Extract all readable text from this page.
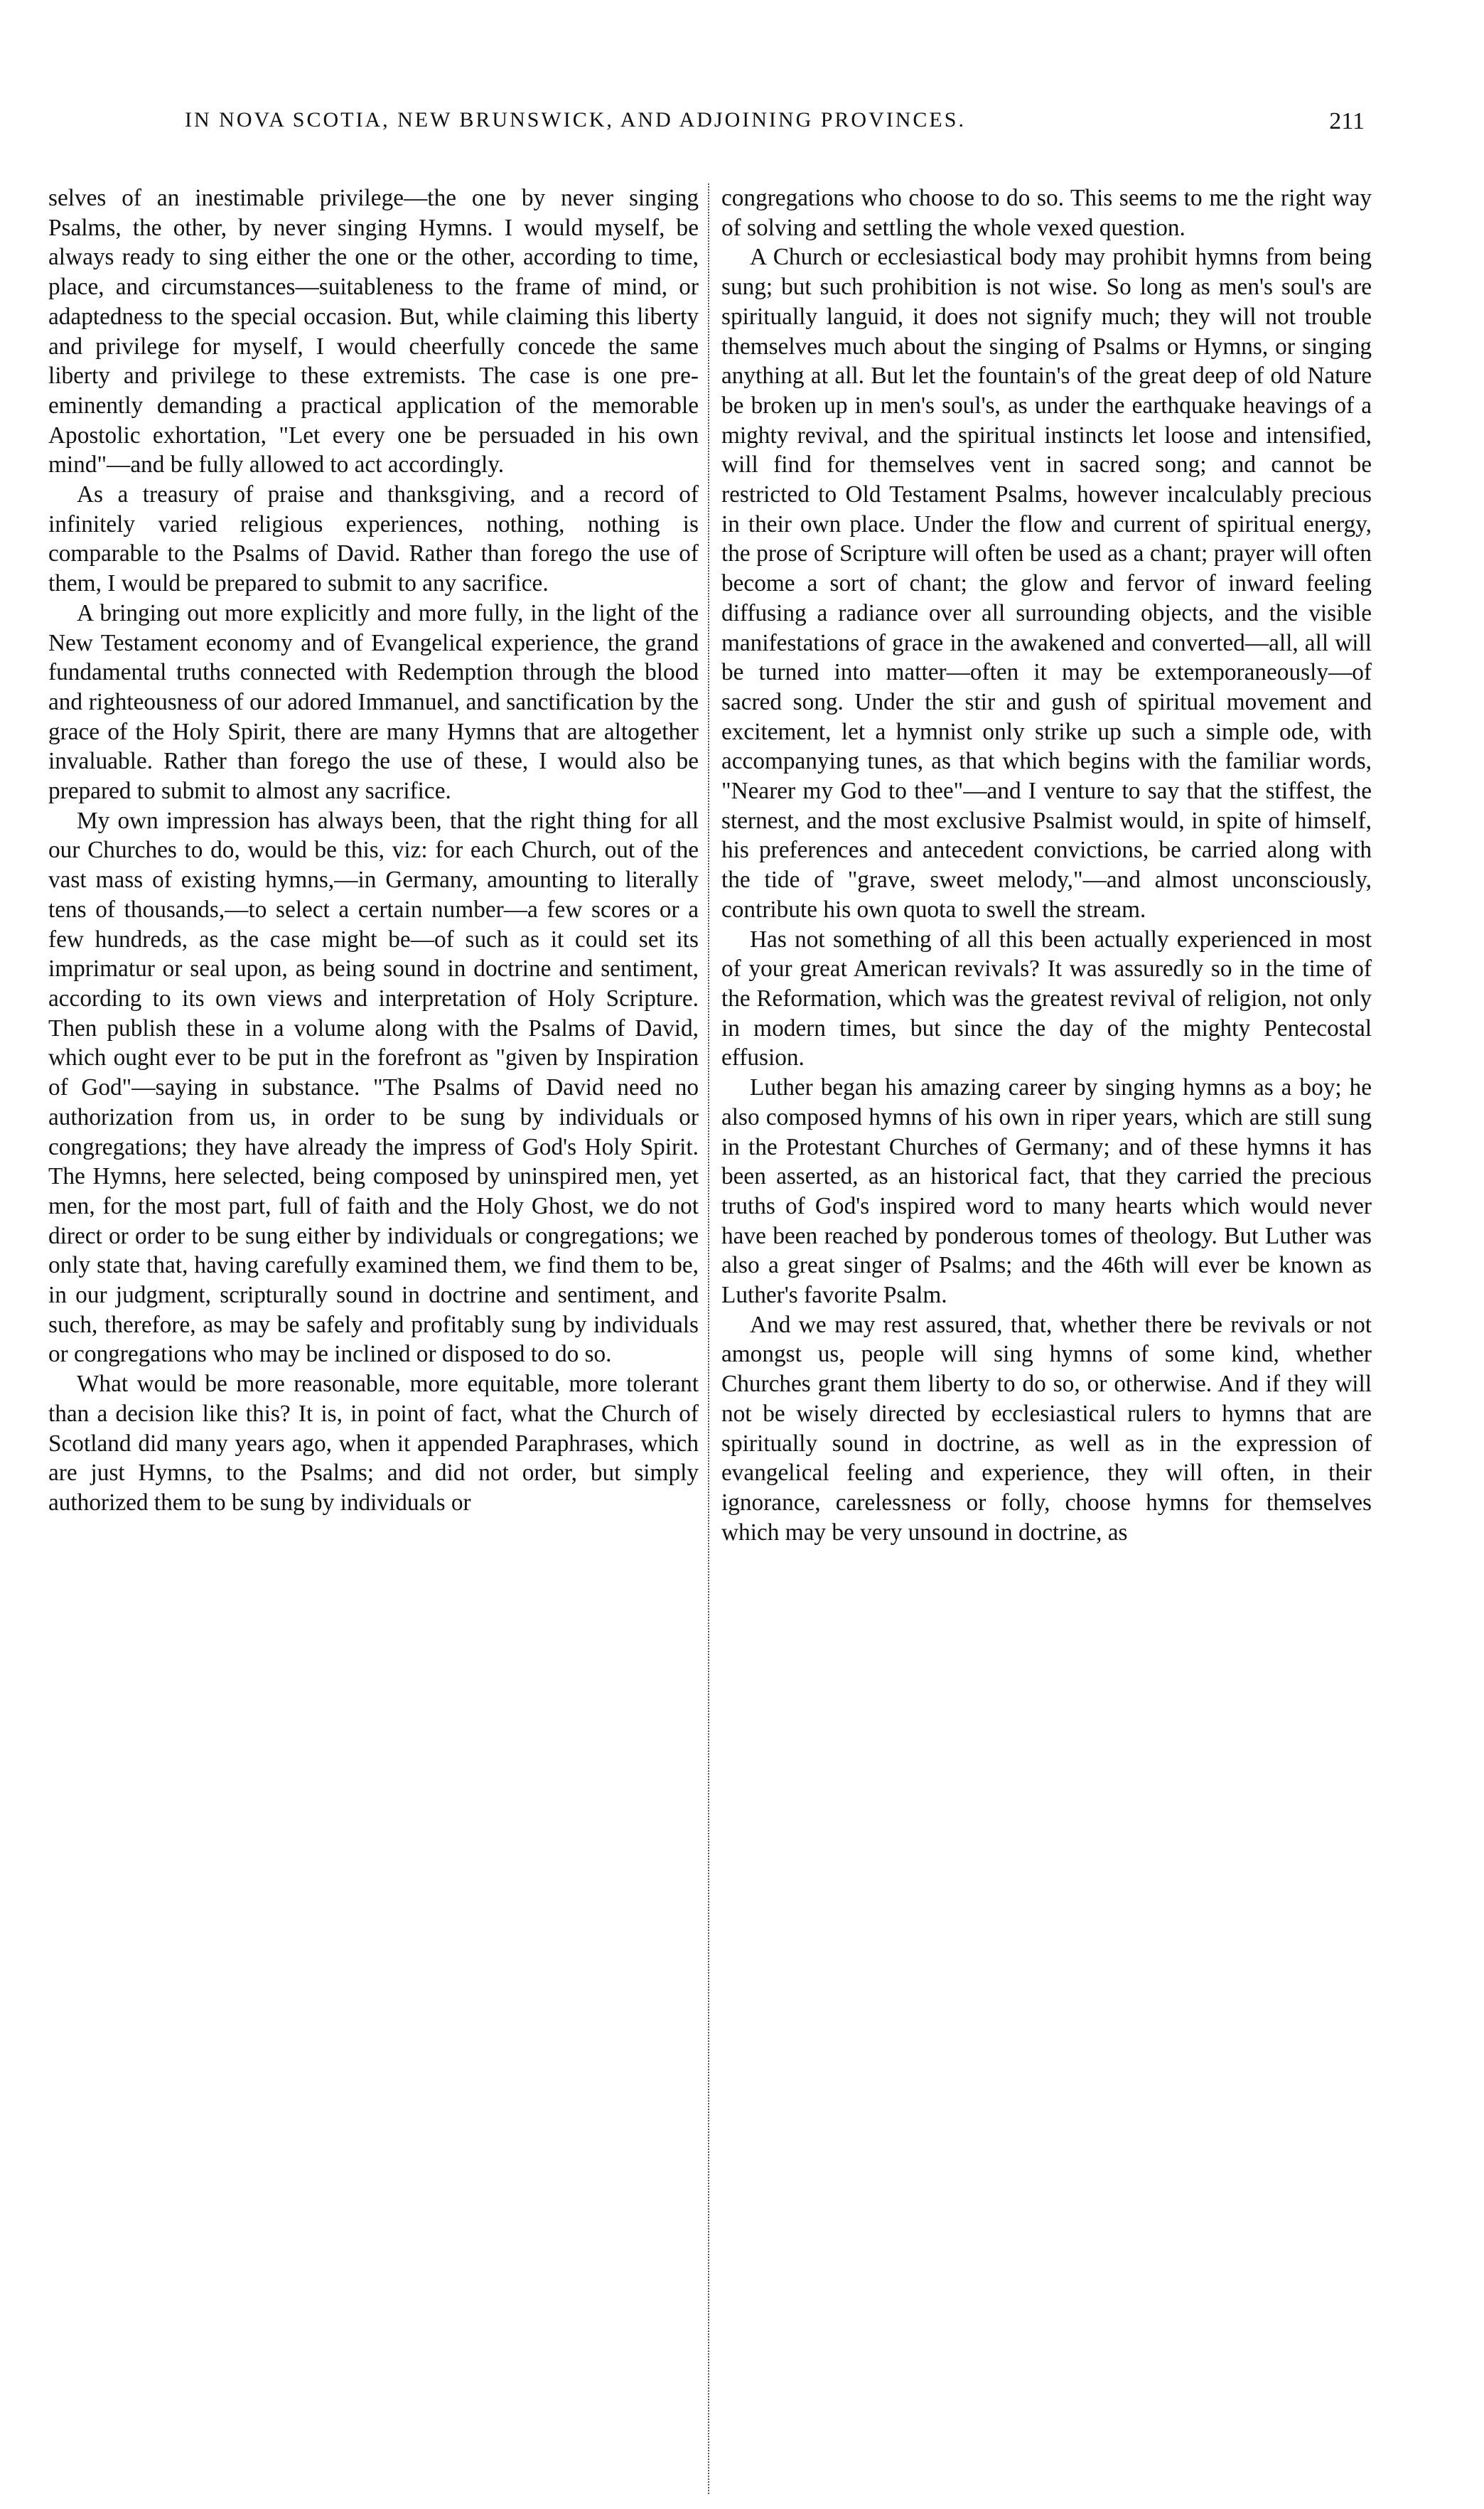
IN NOVA SCOTIA, NEW BRUNSWICK, AND ADJOINING PROVINCES.	211

selves of an inestimable privilege—the one by never singing Psalms, the other, by never singing Hymns. I would myself, be always ready to sing either the one or the other, according to time, place, and circumstances—suitableness to the frame of mind, or adaptedness to the special occasion. But, while claiming this liberty and privilege for myself, I would cheerfully concede the same liberty and privilege to these extremists. The case is one pre-eminently demanding a practical application of the memorable Apostolic exhortation, "Let every one be persuaded in his own mind"—and be fully allowed to act accordingly.

As a treasury of praise and thanksgiving, and a record of infinitely varied religious experiences, nothing, nothing is comparable to the Psalms of David. Rather than forego the use of them, I would be prepared to submit to any sacrifice.

A bringing out more explicitly and more fully, in the light of the New Testament economy and of Evangelical experience, the grand fundamental truths connected with Redemption through the blood and righteousness of our adored Immanuel, and sanctification by the grace of the Holy Spirit, there are many Hymns that are altogether invaluable. Rather than forego the use of these, I would also be prepared to submit to almost any sacrifice.

My own impression has always been, that the right thing for all our Churches to do, would be this, viz: for each Church, out of the vast mass of existing hymns,—in Germany, amounting to literally tens of thousands,—to select a certain number—a few scores or a few hundreds, as the case might be—of such as it could set its imprimatur or seal upon, as being sound in doctrine and sentiment, according to its own views and interpretation of Holy Scripture. Then publish these in a volume along with the Psalms of David, which ought ever to be put in the forefront as "given by Inspiration of God"—saying in substance. "The Psalms of David need no authorization from us, in order to be sung by individuals or congregations; they have already the impress of God's Holy Spirit. The Hymns, here selected, being composed by uninspired men, yet men, for the most part, full of faith and the Holy Ghost, we do not direct or order to be sung either by individuals or congregations; we only state that, having carefully examined them, we find them to be, in our judgment, scripturally sound in doctrine and sentiment, and such, therefore, as may be safely and profitably sung by individuals or congregations who may be inclined or disposed to do so.

What would be more reasonable, more equitable, more tolerant than a decision like this? It is, in point of fact, what the Church of Scotland did many years ago, when it appended Paraphrases, which are just Hymns, to the Psalms; and did not order, but simply authorized them to be sung by individuals or

congregations who choose to do so. This seems to me the right way of solving and settling the whole vexed question.

A Church or ecclesiastical body may prohibit hymns from being sung; but such prohibition is not wise. So long as men's soul's are spiritually languid, it does not signify much; they will not trouble themselves much about the singing of Psalms or Hymns, or singing anything at all. But let the fountain's of the great deep of old Nature be broken up in men's soul's, as under the earthquake heavings of a mighty revival, and the spiritual instincts let loose and intensified, will find for themselves vent in sacred song; and cannot be restricted to Old Testament Psalms, however incalculably precious in their own place. Under the flow and current of spiritual energy, the prose of Scripture will often be used as a chant; prayer will often become a sort of chant; the glow and fervor of inward feeling diffusing a radiance over all surrounding objects, and the visible manifestations of grace in the awakened and converted—all, all will be turned into matter—often it may be extemporaneously—of sacred song. Under the stir and gush of spiritual movement and excitement, let a hymnist only strike up such a simple ode, with accompanying tunes, as that which begins with the familiar words, "Nearer my God to thee"—and I venture to say that the stiffest, the sternest, and the most exclusive Psalmist would, in spite of himself, his preferences and antecedent convictions, be carried along with the tide of "grave, sweet melody,"—and almost unconsciously, contribute his own quota to swell the stream.

Has not something of all this been actually experienced in most of your great American revivals? It was assuredly so in the time of the Reformation, which was the greatest revival of religion, not only in modern times, but since the day of the mighty Pentecostal effusion.

Luther began his amazing career by singing hymns as a boy; he also composed hymns of his own in riper years, which are still sung in the Protestant Churches of Germany; and of these hymns it has been asserted, as an historical fact, that they carried the precious truths of God's inspired word to many hearts which would never have been reached by ponderous tomes of theology. But Luther was also a great singer of Psalms; and the 46th will ever be known as Luther's favorite Psalm.

And we may rest assured, that, whether there be revivals or not amongst us, people will sing hymns of some kind, whether Churches grant them liberty to do so, or otherwise. And if they will not be wisely directed by ecclesiastical rulers to hymns that are spiritually sound in doctrine, as well as in the expression of evangelical feeling and experience, they will often, in their ignorance, carelessness or folly, choose hymns for themselves which may be very unsound in doctrine, as
